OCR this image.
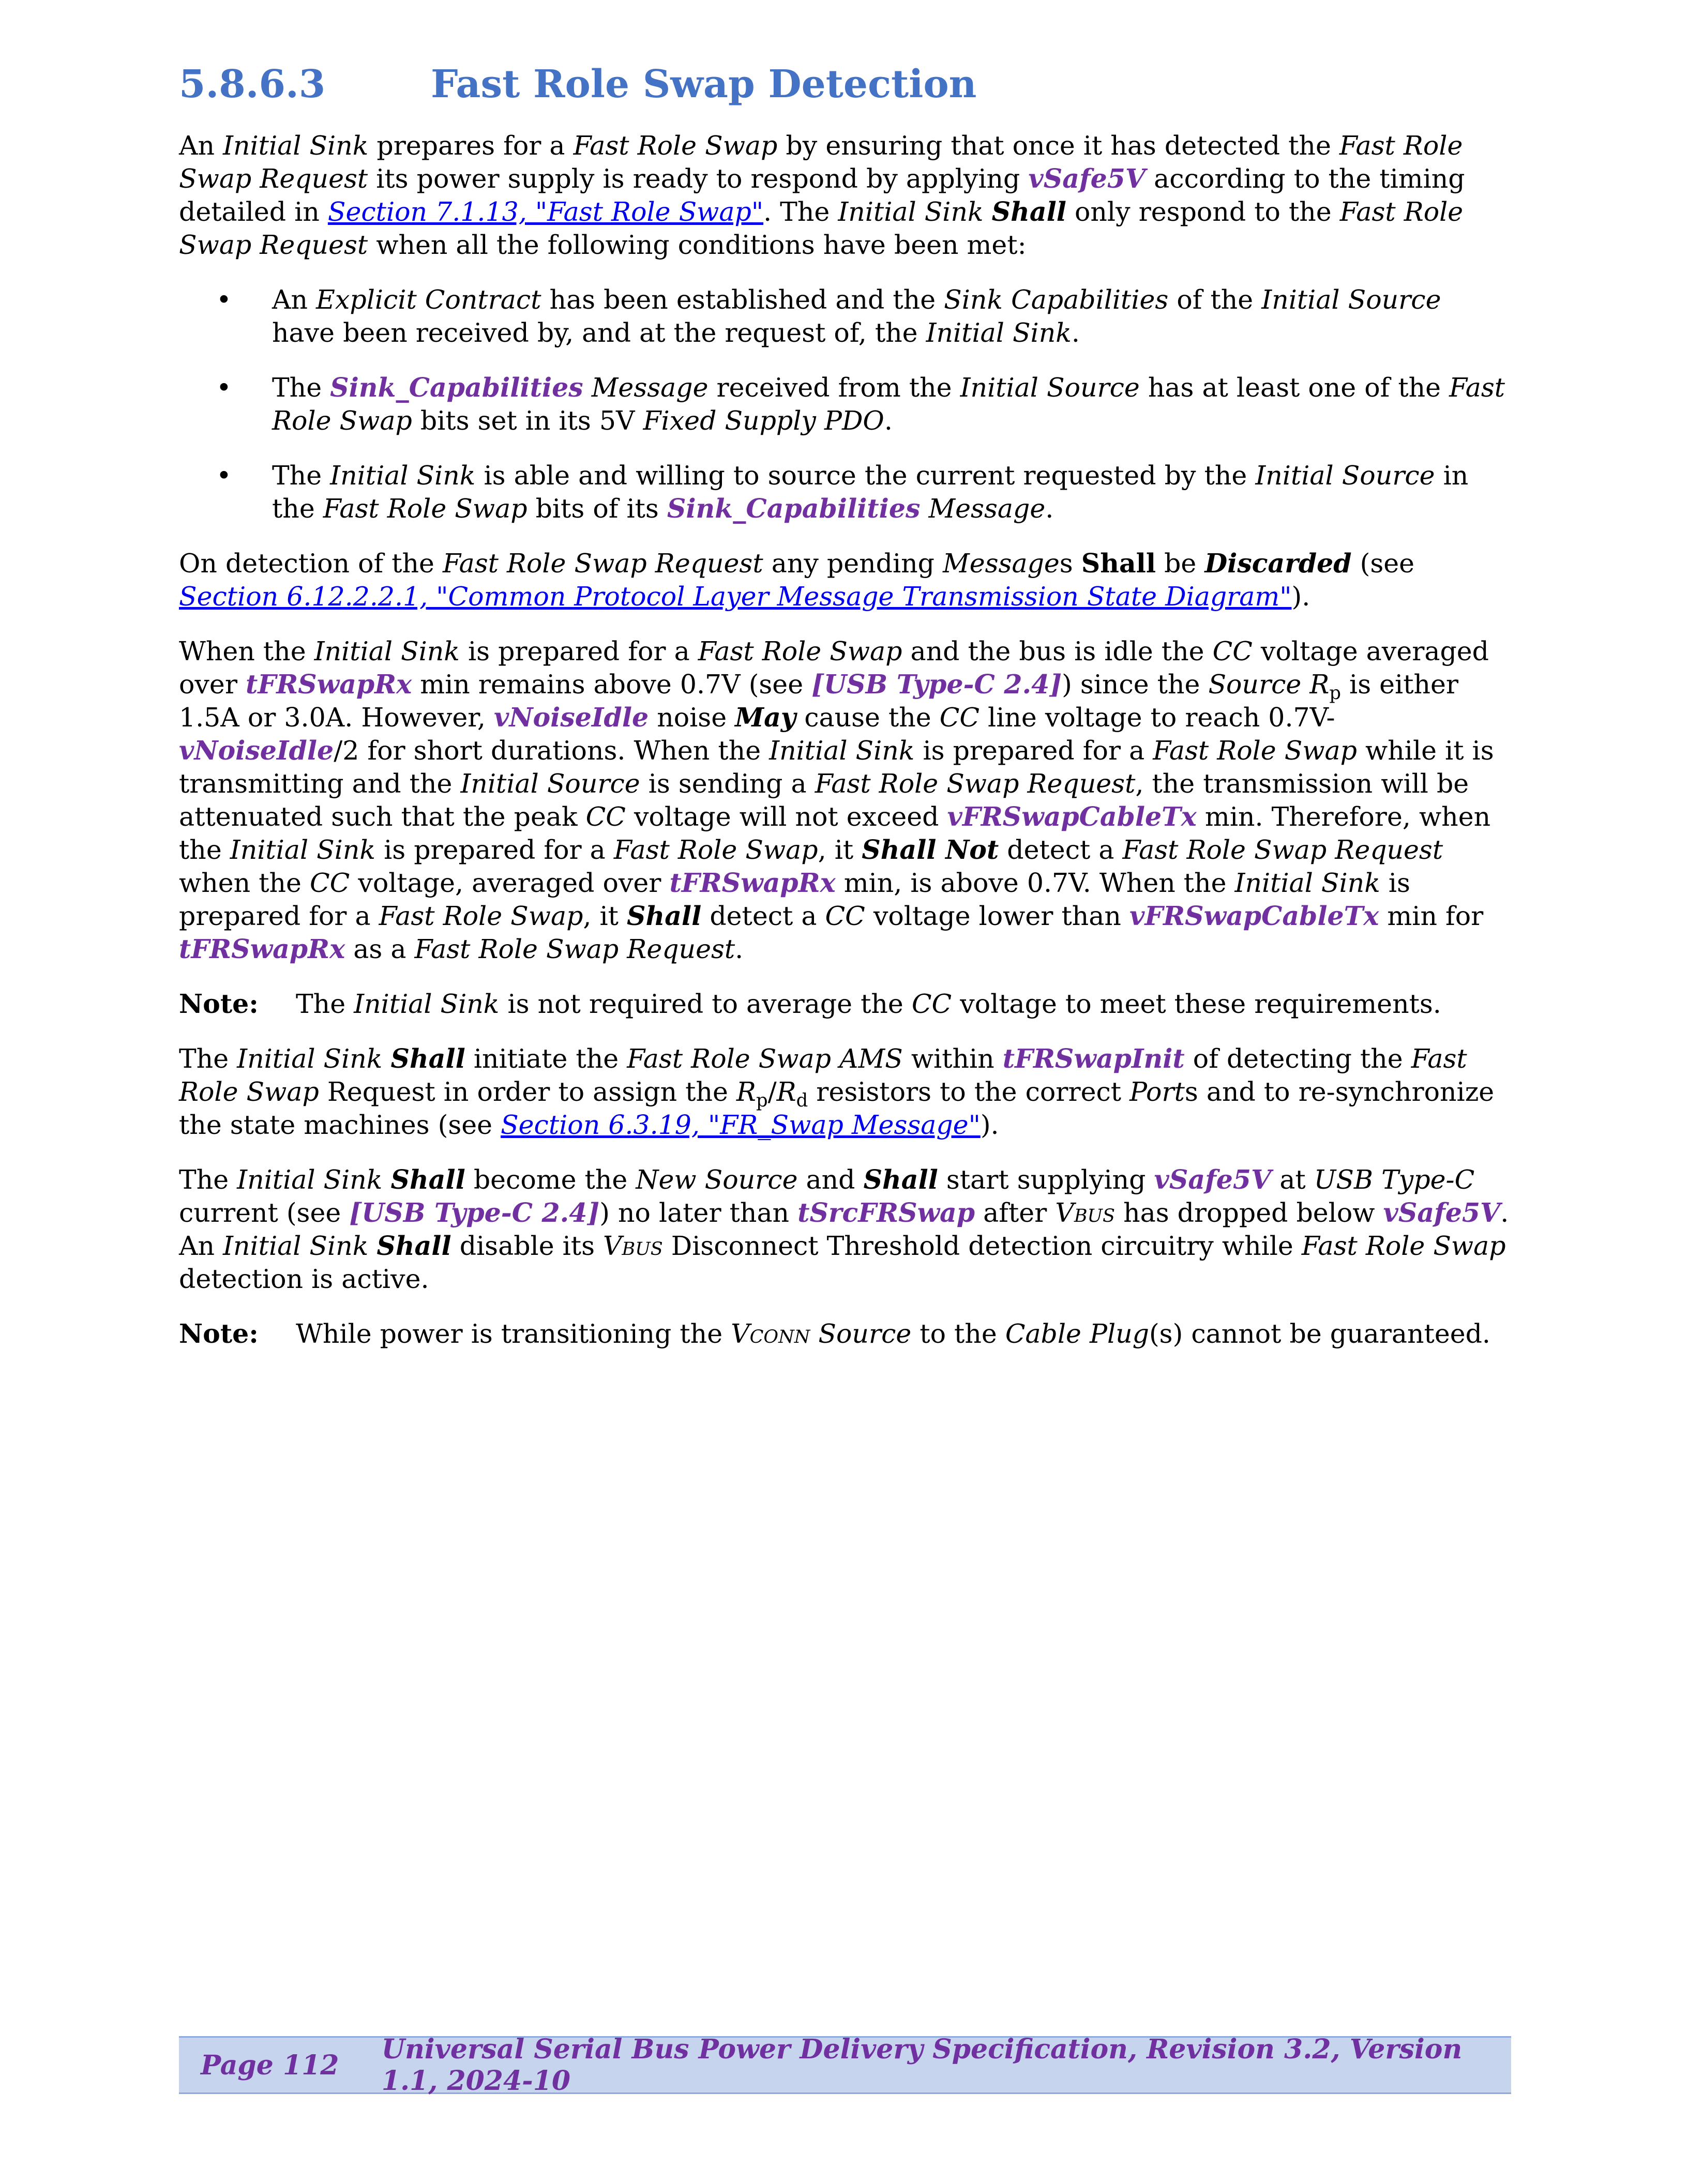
5.8.6.3	Fast Role Swap Detection

An Initial Sink prepares for a Fast Role Swap by ensuring that once it has detected the Fast Role Swap Request its power supply is ready to respond by applying vSafe5V according to the timing detailed in Section 7.1.13, "Fast Role Swap". The Initial Sink Shall only respond to the Fast Role Swap Request when all the following conditions have been met:

• An Explicit Contract has been established and the Sink Capabilities of the Initial Source have been received by, and at the request of, the Initial Sink.
• The Sink_Capabilities Message received from the Initial Source has at least one of the Fast Role Swap bits set in its 5V Fixed Supply PDO.
• The Initial Sink is able and willing to source the current requested by the Initial Source in the Fast Role Swap bits of its Sink_Capabilities Message.

On detection of the Fast Role Swap Request any pending Messages Shall be Discarded (see Section 6.12.2.2.1, "Common Protocol Layer Message Transmission State Diagram").

When the Initial Sink is prepared for a Fast Role Swap and the bus is idle the CC voltage averaged over tFRSwapRx min remains above 0.7V (see [USB Type-C 2.4]) since the Source $R_p$ is either 1.5A or 3.0A. However, vNoiseIdle noise May cause the CC line voltage to reach 0.7V-vNoiseIdle/2 for short durations. When the Initial Sink is prepared for a Fast Role Swap while it is transmitting and the Initial Source is sending a Fast Role Swap Request, the transmission will be attenuated such that the peak CC voltage will not exceed vFRSwapCableTx min. Therefore, when the Initial Sink is prepared for a Fast Role Swap, it Shall Not detect a Fast Role Swap Request when the CC voltage, averaged over tFRSwapRx min, is above 0.7V. When the Initial Sink is prepared for a Fast Role Swap, it Shall detect a CC voltage lower than vFRSwapCableTx min for tFRSwapRx as a Fast Role Swap Request.

Note:	The Initial Sink is not required to average the CC voltage to meet these requirements.

The Initial Sink Shall initiate the Fast Role Swap AMS within tFRSwapInit of detecting the Fast Role Swap Request in order to assign the $R_p/R_d$ resistors to the correct Ports and to re-synchronize the state machines (see Section 6.3.19, "FR_Swap Message").

The Initial Sink Shall become the New Source and Shall start supplying vSafe5V at USB Type-C current (see [USB Type-C 2.4]) no later than tSrcFRSwap after Vbus has dropped below vSafe5V. An Initial Sink Shall disable its Vbus Disconnect Threshold detection circuitry while Fast Role Swap detection is active.

Note:	While power is transitioning the Vconn Source to the Cable Plug(s) cannot be guaranteed.
Page 112	Universal Serial Bus Power Delivery Specification, Revision 3.2, Version 1.1, 2024-10
